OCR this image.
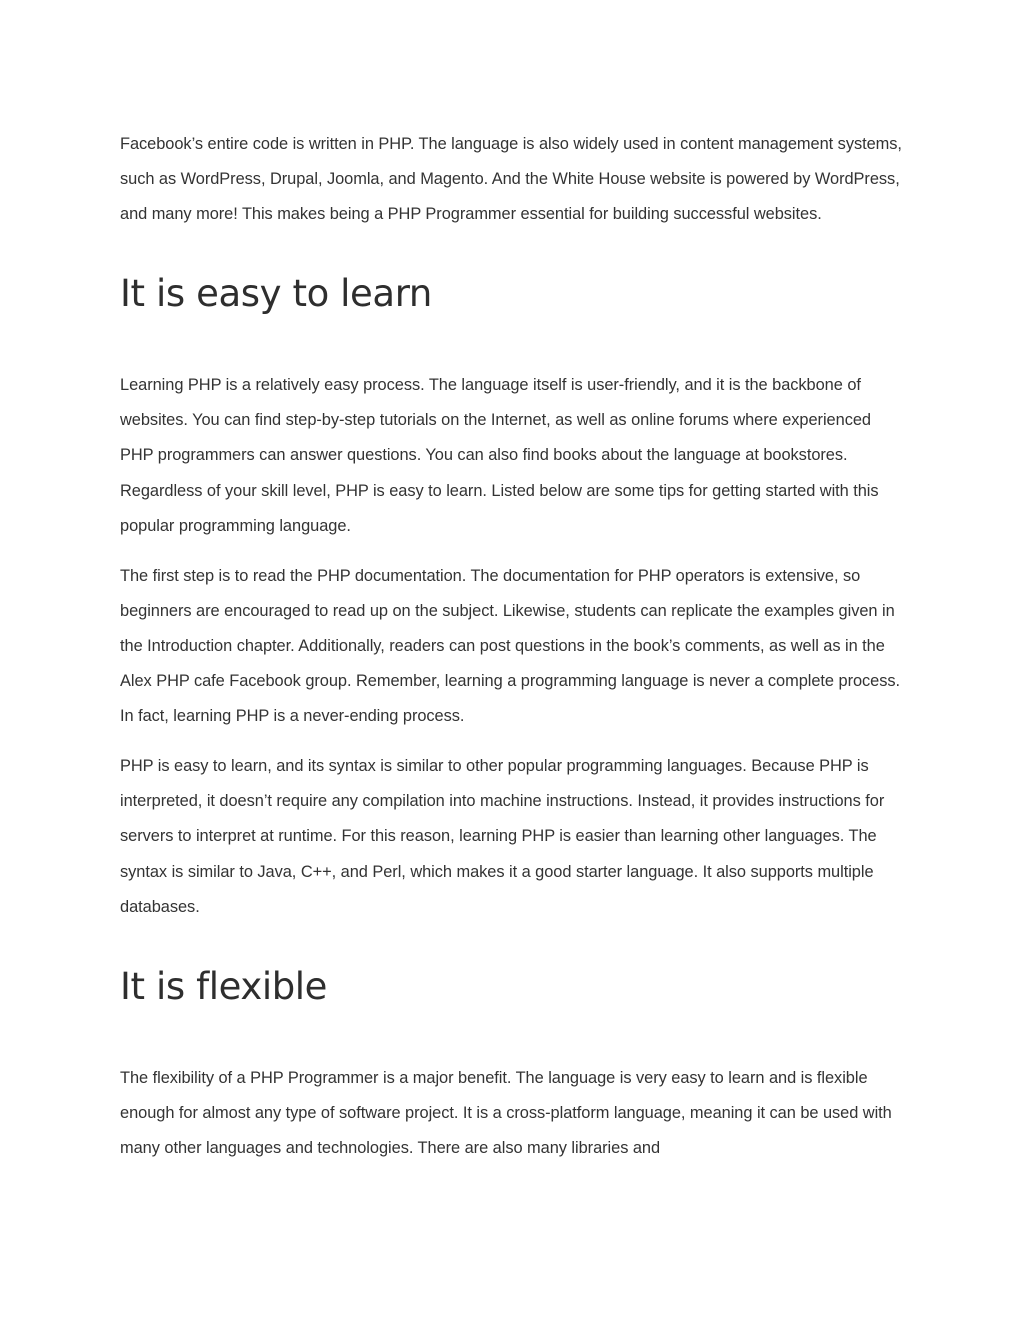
Facebook’s entire code is written in PHP. The language is also widely used in content management systems, such as WordPress, Drupal, Joomla, and Magento. And the White House website is powered by WordPress, and many more! This makes being a PHP Programmer essential for building successful websites.

It is easy to learn

Learning PHP is a relatively easy process. The language itself is user-friendly, and it is the backbone of websites. You can find step-by-step tutorials on the Internet, as well as online forums where experienced PHP programmers can answer questions. You can also find books about the language at bookstores. Regardless of your skill level, PHP is easy to learn. Listed below are some tips for getting started with this popular programming language.

The first step is to read the PHP documentation. The documentation for PHP operators is extensive, so beginners are encouraged to read up on the subject. Likewise, students can replicate the examples given in the Introduction chapter. Additionally, readers can post questions in the book’s comments, as well as in the Alex PHP cafe Facebook group. Remember, learning a programming language is never a complete process. In fact, learning PHP is a never-ending process.

PHP is easy to learn, and its syntax is similar to other popular programming languages. Because PHP is interpreted, it doesn’t require any compilation into machine instructions. Instead, it provides instructions for servers to interpret at runtime. For this reason, learning PHP is easier than learning other languages. The syntax is similar to Java, C++, and Perl, which makes it a good starter language. It also supports multiple databases.

It is flexible

The flexibility of a PHP Programmer is a major benefit. The language is very easy to learn and is flexible enough for almost any type of software project. It is a cross-platform language, meaning it can be used with many other languages and technologies. There are also many libraries and
